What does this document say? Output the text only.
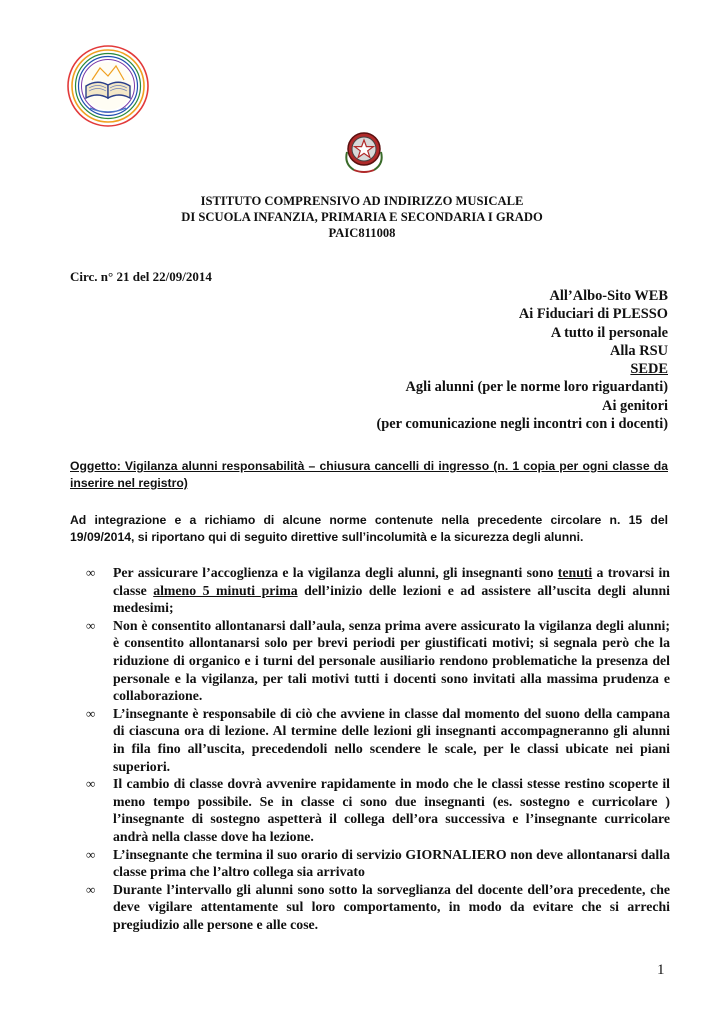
ISTITUTO COMPRENSIVO AD INDIRIZZO MUSICALE
DI SCUOLA INFANZIA, PRIMARIA E SECONDARIA I GRADO
PAIC811008
Circ. n° 21 del 22/09/2014
All’Albo-Sito WEB
Ai Fiduciari di PLESSO
A tutto il personale
Alla RSU
SEDE
Agli alunni (per le norme loro riguardanti)
Ai genitori
(per comunicazione negli incontri con i docenti)
Oggetto: Vigilanza alunni responsabilità – chiusura cancelli di ingresso (n. 1 copia per ogni classe da inserire nel registro)
Ad integrazione e a richiamo di alcune norme contenute nella precedente circolare n. 15 del 19/09/2014, si riportano qui di seguito direttive sull’incolumità e la sicurezza degli alunni.
∞ Per assicurare l’accoglienza e la vigilanza degli alunni, gli insegnanti sono tenuti a trovarsi in classe almeno 5 minuti prima dell’inizio delle lezioni e ad assistere all’uscita degli alunni medesimi;
∞ Non è consentito allontanarsi dall’aula, senza prima avere assicurato la vigilanza degli alunni; è consentito allontanarsi solo per brevi periodi per giustificati motivi; si segnala però che la riduzione di organico e i turni del personale ausiliario rendono problematiche la presenza del personale e la vigilanza, per tali motivi tutti i docenti sono invitati alla massima prudenza e collaborazione.
∞ L’insegnante è responsabile di ciò che avviene in classe dal momento del suono della campana di ciascuna ora di lezione. Al termine delle lezioni gli insegnanti accompagneranno gli alunni in fila fino all’uscita, precedendoli nello scendere le scale, per le classi ubicate nei piani superiori.
∞ Il cambio di classe dovrà avvenire rapidamente in modo che le classi stesse restino scoperte il meno tempo possibile. Se in classe ci sono due insegnanti (es. sostegno e curricolare ) l’insegnante di sostegno aspetterà il collega dell’ora successiva e l’insegnante curricolare andrà nella classe dove ha lezione.
∞ L’insegnante che termina il suo orario di servizio GIORNALIERO non deve allontanarsi dalla classe prima che l’altro collega sia arrivato
∞ Durante l’intervallo gli alunni sono sotto la sorveglianza del docente dell’ora precedente, che deve vigilare attentamente sul loro comportamento, in modo da evitare che si arrechi pregiudizio alle persone e alle cose.
1
